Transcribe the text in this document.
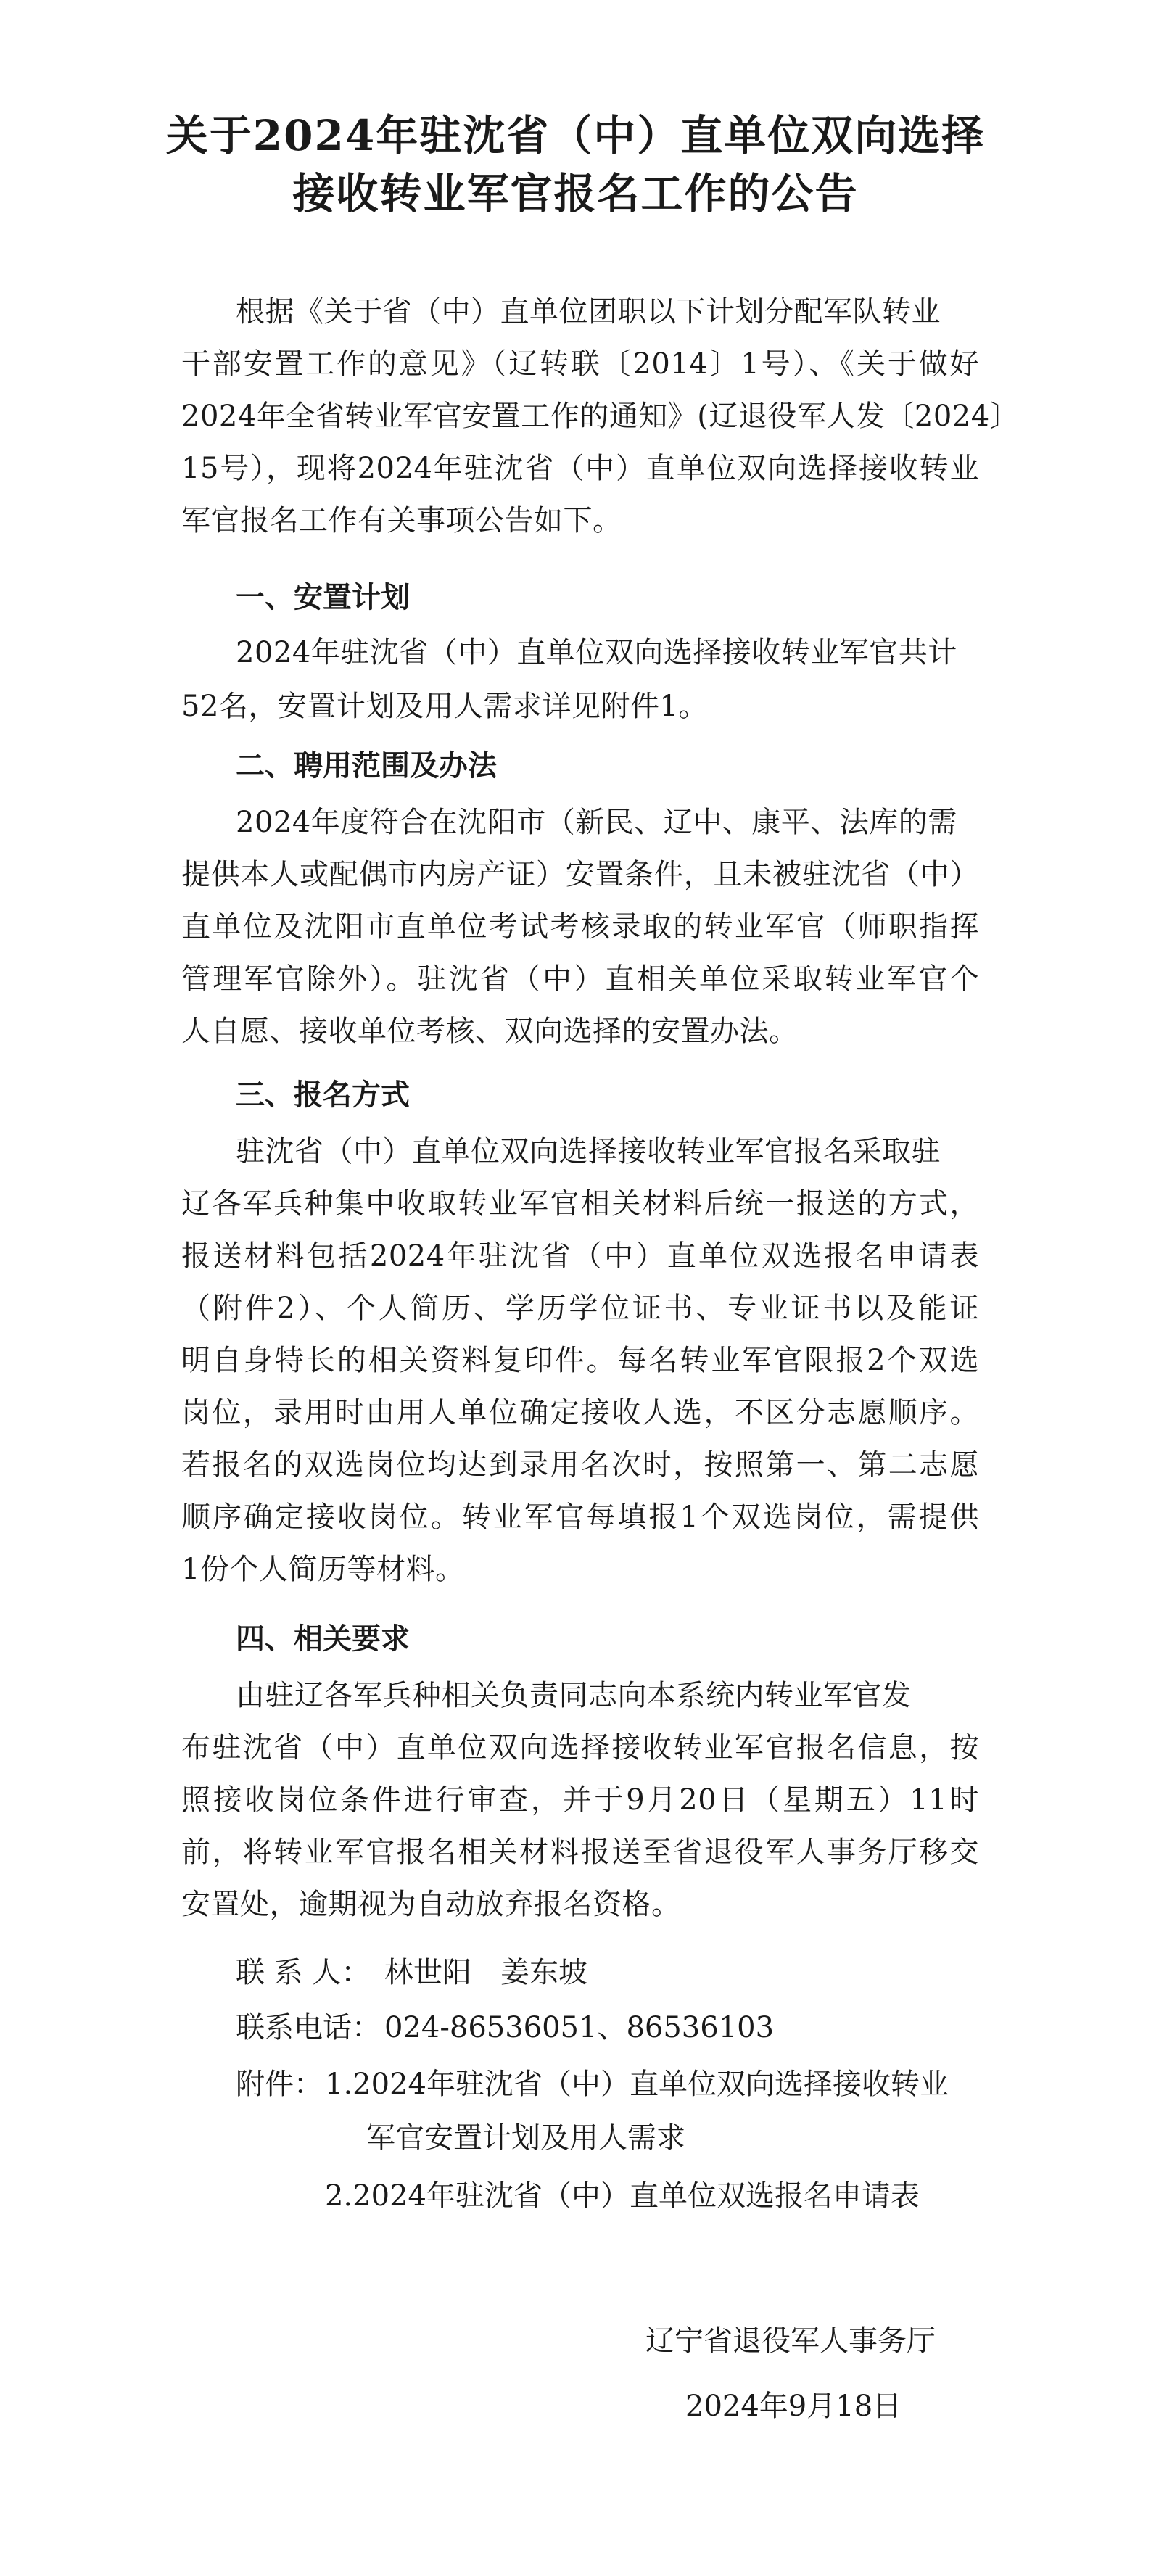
关于2024年驻沈省（中）直单位双向选择
接收转业军官报名工作的公告
根据《关于省（中）直单位团职以下计划分配军队转业
干部安置工作的意见》（辽转联〔2014〕1号）、《关于做好
2024年全省转业军官安置工作的通知》(辽退役军人发〔2024〕
15号），现将2024年驻沈省（中）直单位双向选择接收转业
军官报名工作有关事项公告如下。
一、安置计划
2024年驻沈省（中）直单位双向选择接收转业军官共计
52名，安置计划及用人需求详见附件1。
二、聘用范围及办法
2024年度符合在沈阳市（新民、辽中、康平、法库的需
提供本人或配偶市内房产证）安置条件，且未被驻沈省（中）
直单位及沈阳市直单位考试考核录取的转业军官（师职指挥
管理军官除外）。驻沈省（中）直相关单位采取转业军官个
人自愿、接收单位考核、双向选择的安置办法。
三、报名方式
驻沈省（中）直单位双向选择接收转业军官报名采取驻
辽各军兵种集中收取转业军官相关材料后统一报送的方式，
报送材料包括2024年驻沈省（中）直单位双选报名申请表
（附件2）、个人简历、学历学位证书、专业证书以及能证
明自身特长的相关资料复印件。每名转业军官限报2个双选
岗位，录用时由用人单位确定接收人选，不区分志愿顺序。
若报名的双选岗位均达到录用名次时，按照第一、第二志愿
顺序确定接收岗位。转业军官每填报1个双选岗位，需提供
1份个人简历等材料。
四、相关要求
由驻辽各军兵种相关负责同志向本系统内转业军官发
布驻沈省（中）直单位双向选择接收转业军官报名信息，按
照接收岗位条件进行审查，并于9月20日（星期五）11时
前，将转业军官报名相关材料报送至省退役军人事务厅移交
安置处，逾期视为自动放弃报名资格。
联 系 人： 林世阳　姜东坡
联系电话： 024-86536051、86536103
附件： 1.2024年驻沈省（中）直单位双向选择接收转业
军官安置计划及用人需求
2.2024年驻沈省（中）直单位双选报名申请表
辽宁省退役军人事务厅
2024年9月18日
